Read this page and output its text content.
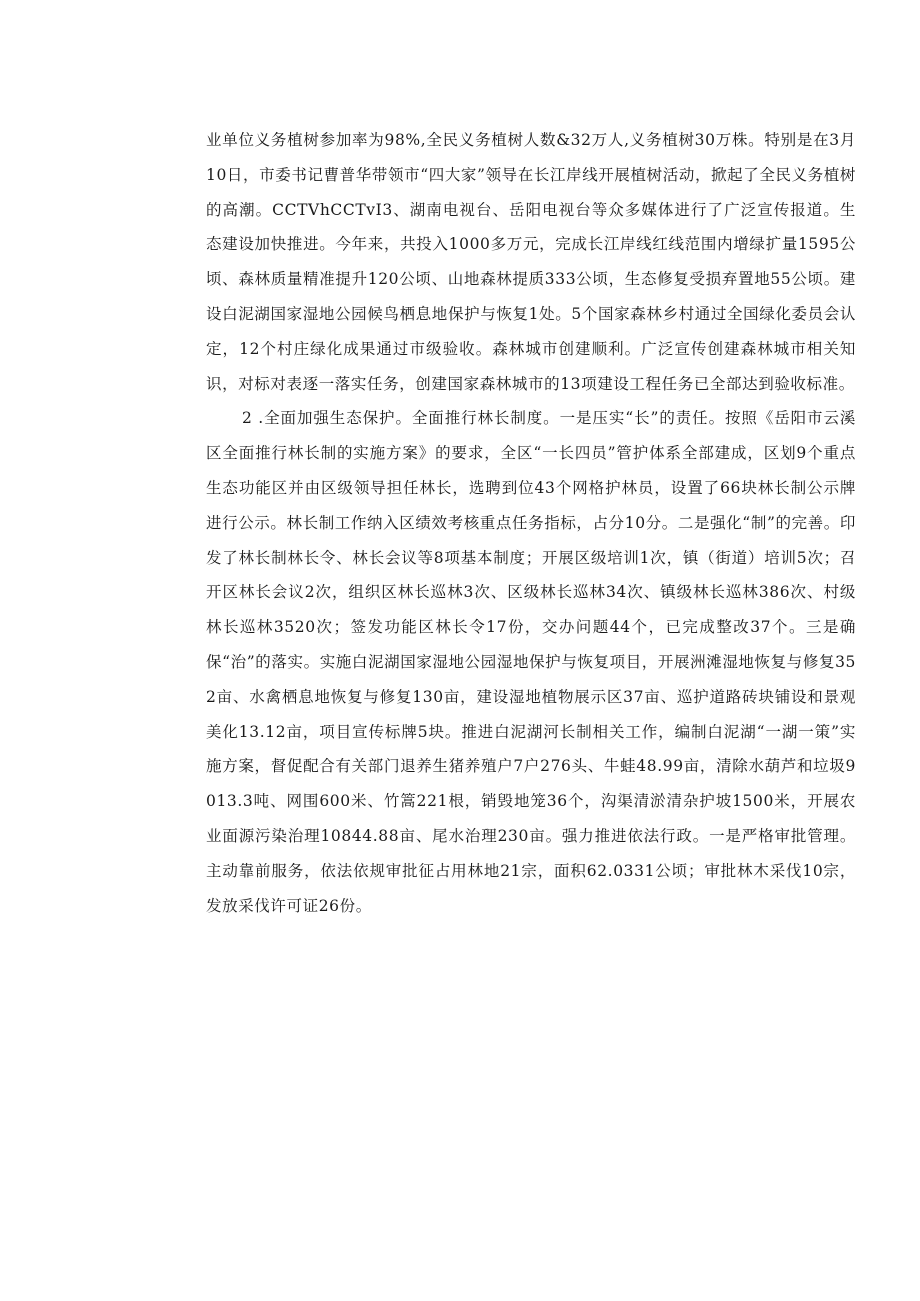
业单位义务植树参加率为98%,全民义务植树人数&32万人,义务植树30万株。特别是在3月10日，市委书记曹普华带领市“四大家”领导在长江岸线开展植树活动，掀起了全民义务植树的高潮。CCTVhCCTvI3、湖南电视台、岳阳电视台等众多媒体进行了广泛宣传报道。生态建设加快推进。今年来，共投入1000多万元，完成长江岸线红线范围内增绿扩量1595公顷、森林质量精准提升120公顷、山地森林提质333公顷，生态修复受损弃置地55公顷。建设白泥湖国家湿地公园候鸟栖息地保护与恢复1处。5个国家森林乡村通过全国绿化委员会认定，12个村庄绿化成果通过市级验收。森林城市创建顺利。广泛宣传创建森林城市相关知识，对标对表逐一落实任务，创建国家森林城市的13项建设工程任务已全部达到验收标准。

2 .全面加强生态保护。全面推行林长制度。一是压实“长”的责任。按照《岳阳市云溪区全面推行林长制的实施方案》的要求，全区“一长四员”管护体系全部建成，区划9个重点生态功能区并由区级领导担任林长，选聘到位43个网格护林员，设置了66块林长制公示牌进行公示。林长制工作纳入区绩效考核重点任务指标，占分10分。二是强化“制”的完善。印发了林长制林长令、林长会议等8项基本制度；开展区级培训1次，镇（街道）培训5次；召开区林长会议2次，组织区林长巡林3次、区级林长巡林34次、镇级林长巡林386次、村级林长巡林3520次；签发功能区林长令17份，交办问题44个，已完成整改37个。三是确保“治”的落实。实施白泥湖国家湿地公园湿地保护与恢复项目，开展洲滩湿地恢复与修复352亩、水禽栖息地恢复与修复130亩，建设湿地植物展示区37亩、巡护道路砖块铺设和景观美化13.12亩，项目宣传标牌5块。推进白泥湖河长制相关工作，编制白泥湖“一湖一策”实施方案，督促配合有关部门退养生猪养殖户7户276头、牛蛙48.99亩，清除水葫芦和垃圾9013.3吨、网围600米、竹篙221根，销毁地笼36个，沟渠清淤清杂护坡1500米，开展农业面源污染治理10844.88亩、尾水治理230亩。强力推进依法行政。一是严格审批管理。主动靠前服务，依法依规审批征占用林地21宗，面积62.0331公顷；审批林木采伐10宗，发放采伐许可证26份。
